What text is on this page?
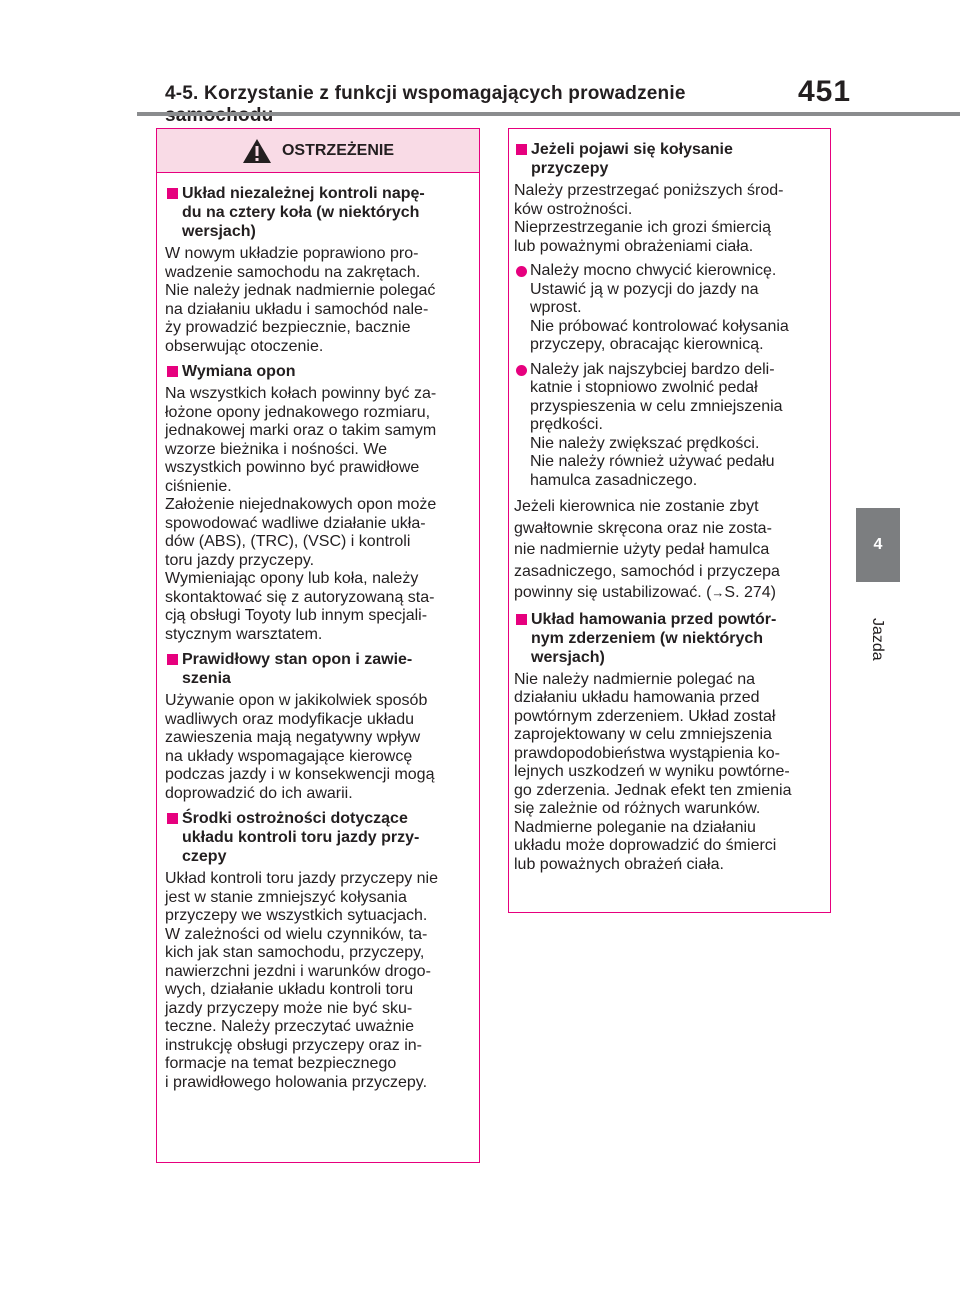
4-5. Korzystanie z funkcji wspomagających prowadzenie	451
4
Jazda
OSTRZEŻENIE
Układ niezależnej kontroli napę-
du na cztery koła (w niektórych
wersjach)
W nowym układzie poprawiono pro-
wadzenie samochodu na zakrętach.
Nie należy jednak nadmiernie polegać
na działaniu układu i samochód nale-
ży prowadzić bezpiecznie, bacznie
obserwując otoczenie.
Wymiana opon
Na wszystkich kołach powinny być za-
łożone opony jednakowego rozmiaru,
jednakowej marki oraz o takim samym
wzorze bieżnika i nośności. We
wszystkich powinno być prawidłowe
ciśnienie.
Założenie niejednakowych opon może
spowodować wadliwe działanie ukła-
dów (ABS), (TRC), (VSC) i kontroli
toru jazdy przyczepy.
Wymieniając opony lub koła, należy
skontaktować się z autoryzowaną sta-
cją obsługi Toyoty lub innym specjali-
stycznym warsztatem.
Prawidłowy stan opon i zawie-
szenia
Używanie opon w jakikolwiek sposób
wadliwych oraz modyfikacje układu
zawieszenia mają negatywny wpływ
na układy wspomagające kierowcę
podczas jazdy i w konsekwencji mogą
doprowadzić do ich awarii.
Środki ostrożności dotyczące
układu kontroli toru jazdy przy-
czepy
Układ kontroli toru jazdy przyczepy nie
jest w stanie zmniejszyć kołysania
przyczepy we wszystkich sytuacjach.
W zależności od wielu czynników, ta-
kich jak stan samochodu, przyczepy,
nawierzchni jezdni i warunków drogo-
wych, działanie układu kontroli toru
jazdy przyczepy może nie być sku-
teczne. Należy przeczytać uważnie
instrukcję obsługi przyczepy oraz in-
formacje na temat bezpiecznego
i prawidłowego holowania przyczepy.
Jeżeli pojawi się kołysanie
przyczepy
Należy przestrzegać poniższych środ-
ków ostrożności.
Nieprzestrzeganie ich grozi śmiercią
lub poważnymi obrażeniami ciała.
Należy mocno chwycić kierownicę.
Ustawić ją w pozycji do jazdy na
wprost.
Nie próbować kontrolować kołysania
przyczepy, obracając kierownicą.
Należy jak najszybciej bardzo deli-
katnie i stopniowo zwolnić pedał
przyspieszenia w celu zmniejszenia
prędkości.
Nie należy zwiększać prędkości.
Nie należy również używać pedału
hamulca zasadniczego.
Jeżeli kierownica nie zostanie zbyt
gwałtownie skręcona oraz nie zosta-
nie nadmiernie użyty pedał hamulca
zasadniczego, samochód i przyczepa
powinny się ustabilizować. (→S. 274)
Układ hamowania przed powtór-
nym zderzeniem (w niektórych
wersjach)
Nie należy nadmiernie polegać na
działaniu układu hamowania przed
powtórnym zderzeniem. Układ został
zaprojektowany w celu zmniejszenia
prawdopodobieństwa wystąpienia ko-
lejnych uszkodzeń w wyniku powtórne-
go zderzenia. Jednak efekt ten zmienia
się zależnie od różnych warunków.
Nadmierne poleganie na działaniu
układu może doprowadzić do śmierci
lub poważnych obrażeń ciała.
